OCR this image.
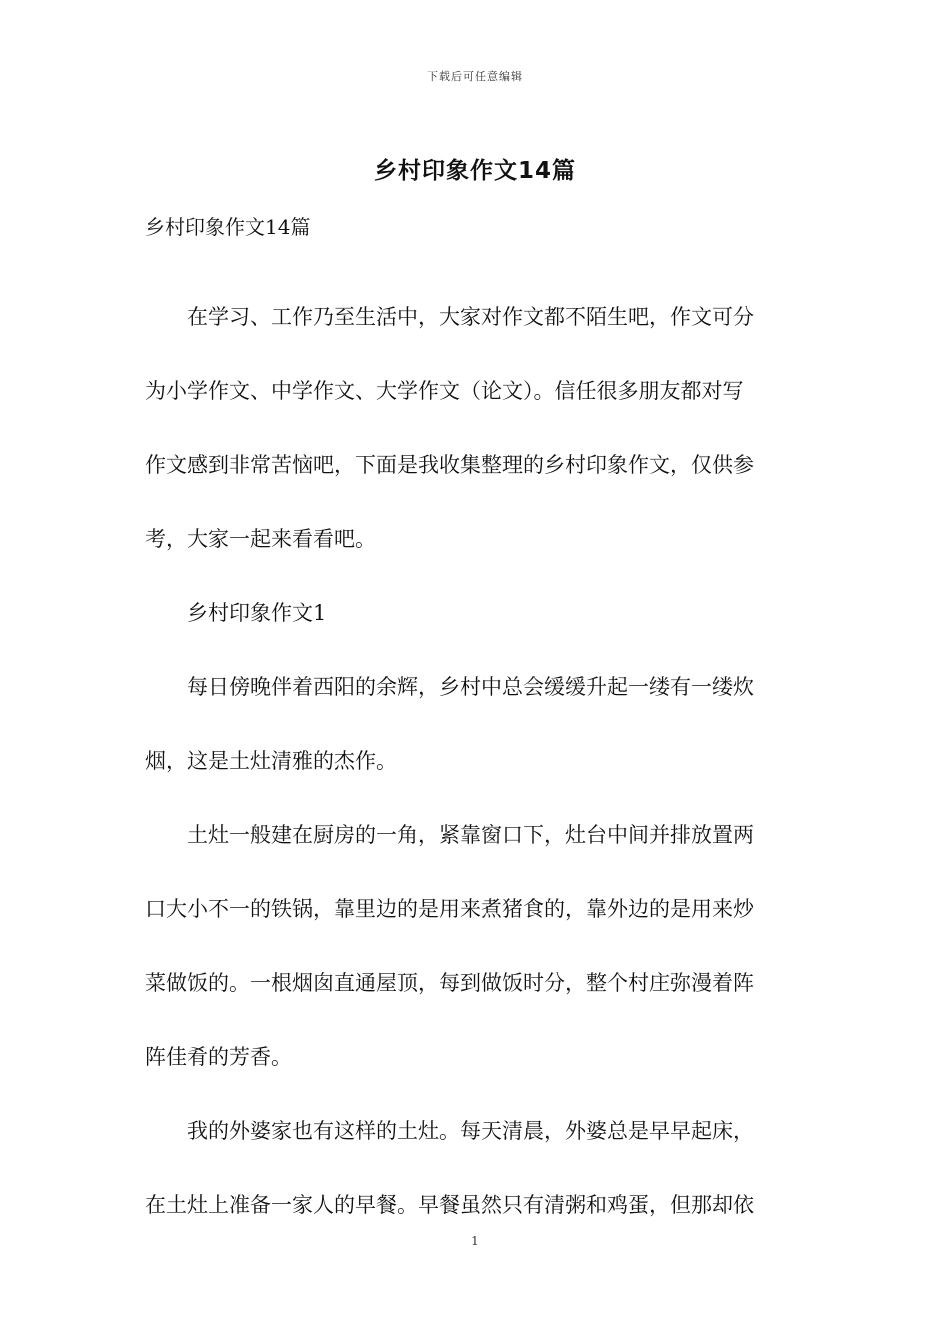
下载后可任意编辑
乡村印象作文14篇

乡村印象作文14篇

在学习、工作乃至生活中，大家对作文都不陌生吧，作文可分
为小学作文、中学作文、大学作文（论文）。信任很多朋友都对写
作文感到非常苦恼吧，下面是我收集整理的乡村印象作文，仅供参
考，大家一起来看看吧。

乡村印象作文1

每日傍晚伴着西阳的余辉，乡村中总会缓缓升起一缕有一缕炊
烟，这是土灶清雅的杰作。

土灶一般建在厨房的一角，紧靠窗口下，灶台中间并排放置两
口大小不一的铁锅，靠里边的是用来煮猪食的，靠外边的是用来炒
菜做饭的。一根烟囱直通屋顶，每到做饭时分，整个村庄弥漫着阵
阵佳肴的芳香。

我的外婆家也有这样的土灶。每天清晨，外婆总是早早起床，
在土灶上准备一家人的早餐。早餐虽然只有清粥和鸡蛋，但那却依

1
